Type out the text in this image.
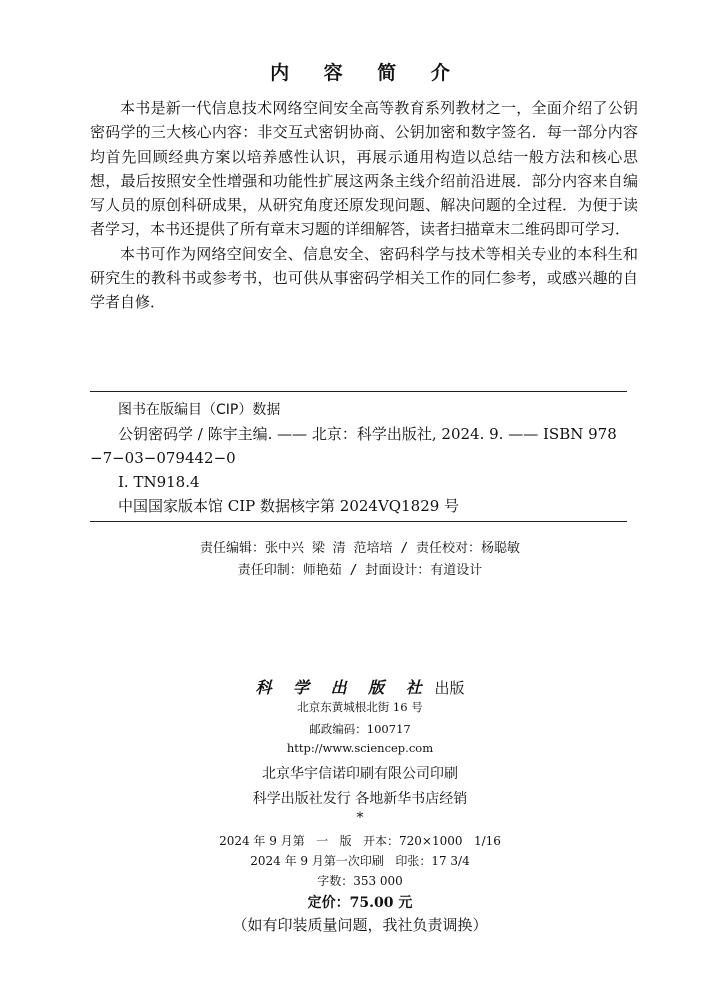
内 容 简 介

本书是新一代信息技术网络空间安全高等教育系列教材之一，全面介绍了公钥密码学的三大核心内容：非交互式密钥协商、公钥加密和数字签名．每一部分内容均首先回顾经典方案以培养感性认识，再展示通用构造以总结一般方法和核心思想，最后按照安全性增强和功能性扩展这两条主线介绍前沿进展．部分内容来自编写人员的原创科研成果，从研究角度还原发现问题、解决问题的全过程．为便于读者学习，本书还提供了所有章末习题的详细解答，读者扫描章末二维码即可学习．

本书可作为网络空间安全、信息安全、密码科学与技术等相关专业的本科生和研究生的教科书或参考书，也可供从事密码学相关工作的同仁参考，或感兴趣的自学者自修．

图书在版编目（CIP）数据
公钥密码学 / 陈宇主编. —— 北京：科学出版社, 2024. 9. —— ISBN 978 −7−03−079442−0
I. TN918.4
中国国家版本馆 CIP 数据核字第 2024VQ1829 号
责任编辑：张中兴 梁 清 范培培 / 责任校对：杨聪敏
责任印制：师艳茹 / 封面设计：有道设计
科 学 出 版 社 出版
北京东黄城根北街 16 号
邮政编码：100717
http://www.sciencep.com
北京华宇信诺印刷有限公司印刷
科学出版社发行 各地新华书店经销
*
2024 年 9 月第   一   版   开本：720×1000   1/16
2024 年 9 月第一次印刷   印张：17 3/4
字数：353 000
定价：75.00 元
（如有印装质量问题，我社负责调换）
